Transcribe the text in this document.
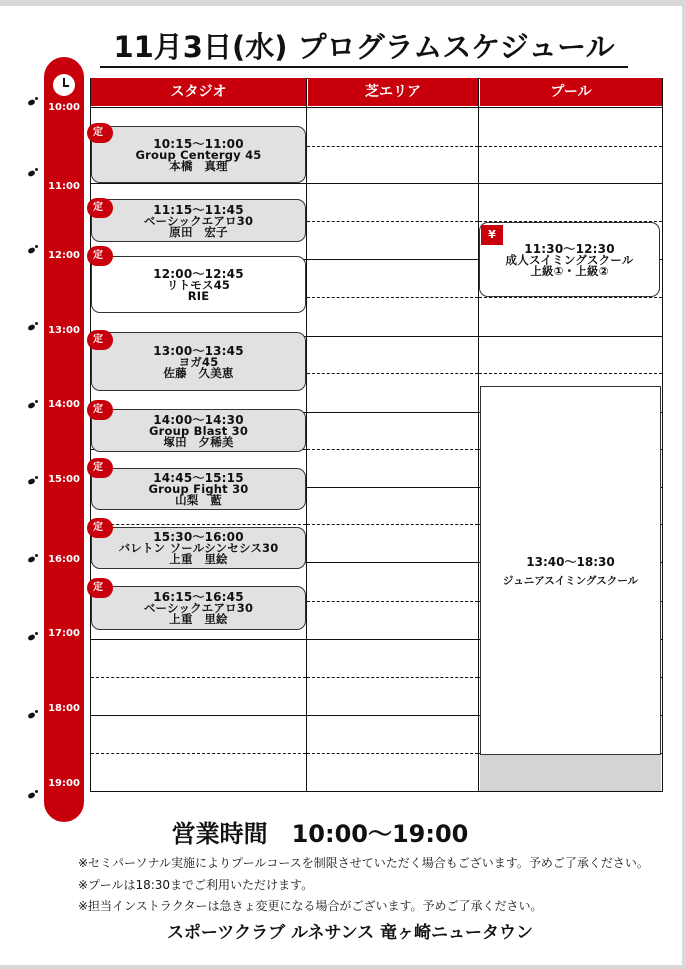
11月3日(水) プログラムスケジュール
10:00
11:00
12:00
13:00
14:00
15:00
16:00
17:00
18:00
19:00
スタジオ	芝エリア	プール
10:15～11:00
Group Centergy 45
本橋　真理
11:15～11:45
ベーシックエアロ30
原田　宏子
12:00～12:45
リトモス45
RIE
13:00～13:45
ヨガ45
佐藤　久美恵
14:00～14:30
Group Blast 30
塚田　夕稀美
14:45～15:15
Group Fight 30
山梨　藍
15:30～16:00
バレトン ソールシンセシス30
上重　里絵
16:15～16:45
ベーシックエアロ30
上重　里絵
定
定
定
定
定
定
定
定
11:30～12:30
成人スイミングスクール
上級①・上級②
¥
13:40～18:30
ジュニアスイミングスクール
営業時間　10:00～19:00
※セミパーソナル実施によりプールコースを制限させていただく場合もございます。予めご了承ください。
※プールは18:30までご利用いただけます。
※担当インストラクターは急きょ変更になる場合がございます。予めご了承ください。
スポーツクラブ ルネサンス 竜ヶ崎ニュータウン
